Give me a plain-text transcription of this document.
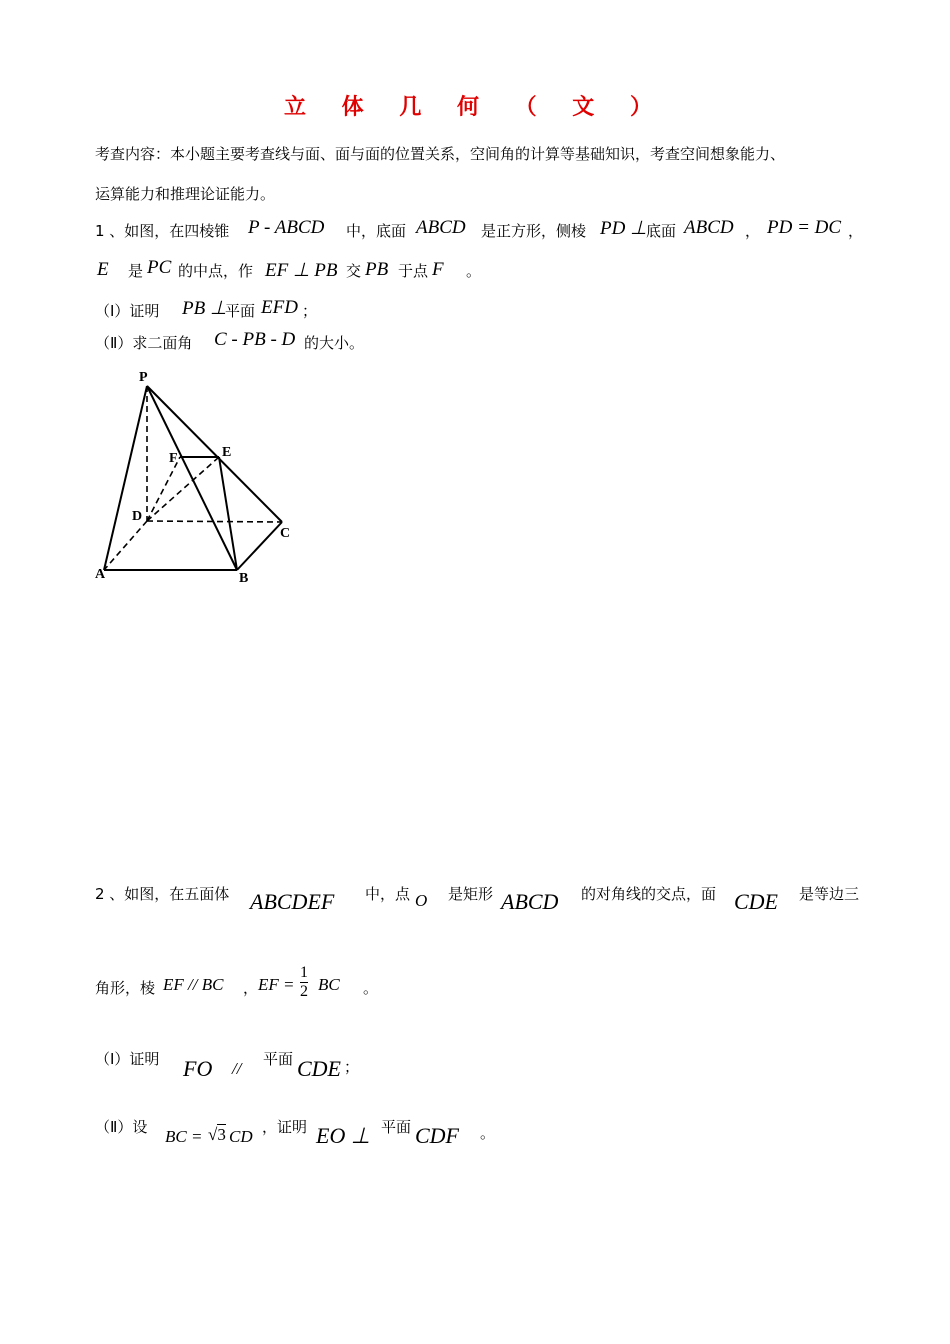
立 体 几 何 （ 文 ）
考查内容：本小题主要考查线与面、面与面的位置关系，空间角的计算等基础知识，考查空间想象能力、
运算能力和推理论证能力。
1 、如图，在四棱锥 P - ABCD 中，底面 ABCD 是正方形，侧棱 PD ⊥ 底面 ABCD ， PD = DC ，
E 是 PC 的中点，作 EF ⊥ PB 交 PB 于点 F 。
（Ⅰ）证明 PB ⊥
平面 EFD ；
（Ⅱ）求二面角 C - PB - D 的大小。
P
E
F
D
C
A	B
2 、如图，在五面体 ABCDEF 中，点 O 是矩形 ABCD 的对角线的交点，面 CDE 是等边三
角形，棱 EF // BC ， EF = $\frac{1}{2}$ BC 。
（Ⅰ）证明 FO // 平面 CDE ；
（Ⅱ）设 BC = √3 CD ，证明 EO ⊥ 平面 CDF 。
